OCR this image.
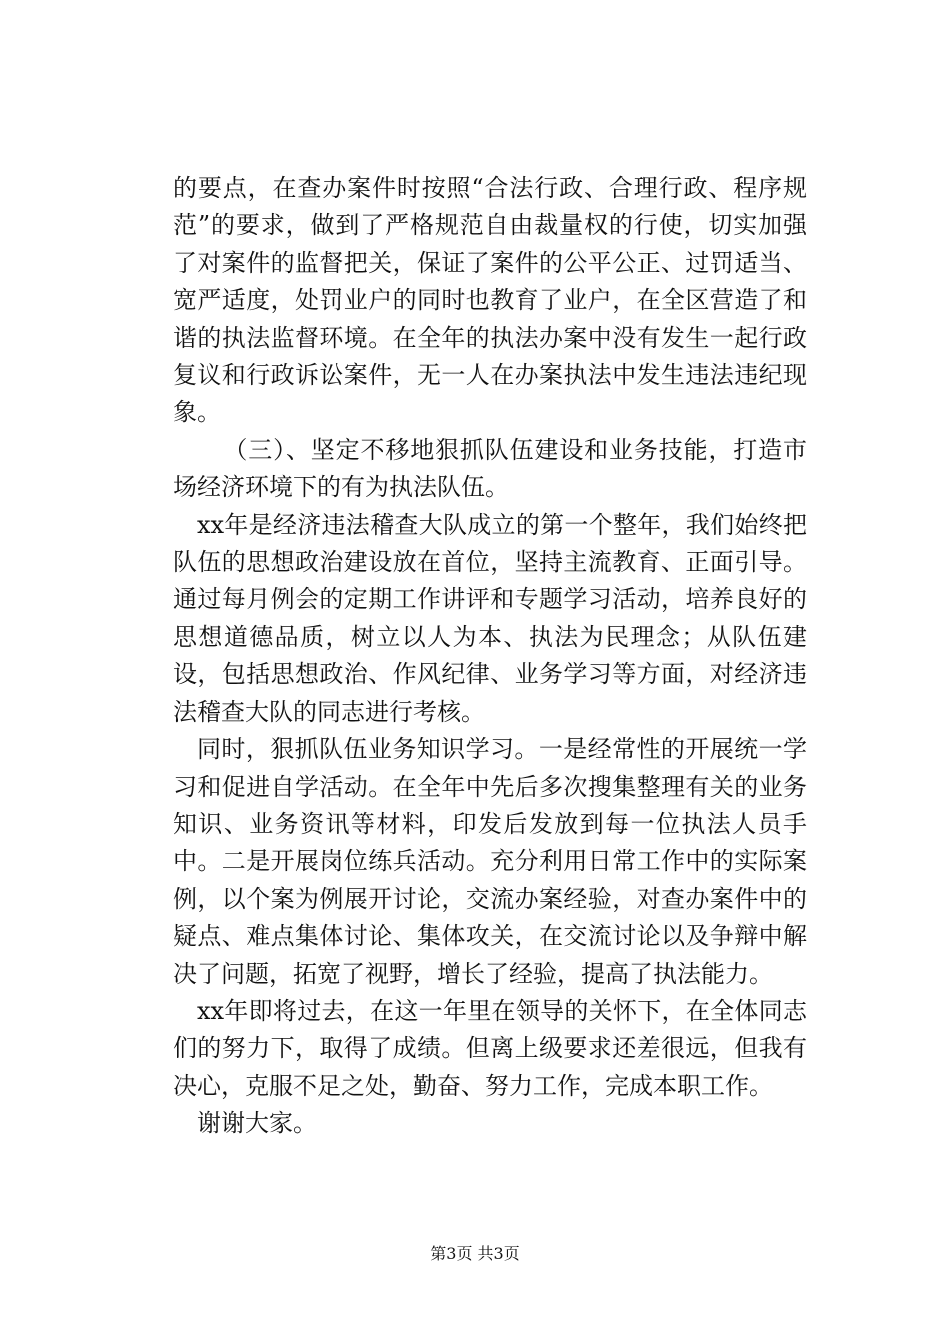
的要点，在查办案件时按照“合法行政、合理行政、程序规范”的要求，做到了严格规范自由裁量权的行使，切实加强了对案件的监督把关，保证了案件的公平公正、过罚适当、宽严适度，处罚业户的同时也教育了业户，在全区营造了和谐的执法监督环境。在全年的执法办案中没有发生一起行政复议和行政诉讼案件，无一人在办案执法中发生违法违纪现象。

（三）、坚定不移地狠抓队伍建设和业务技能，打造市场经济环境下的有为执法队伍。

xx年是经济违法稽查大队成立的第一个整年，我们始终把队伍的思想政治建设放在首位，坚持主流教育、正面引导。通过每月例会的定期工作讲评和专题学习活动，培养良好的思想道德品质，树立以人为本、执法为民理念；从队伍建设，包括思想政治、作风纪律、业务学习等方面，对经济违法稽查大队的同志进行考核。

同时，狠抓队伍业务知识学习。一是经常性的开展统一学习和促进自学活动。在全年中先后多次搜集整理有关的业务知识、业务资讯等材料，印发后发放到每一位执法人员手中。二是开展岗位练兵活动。充分利用日常工作中的实际案例，以个案为例展开讨论，交流办案经验，对查办案件中的疑点、难点集体讨论、集体攻关，在交流讨论以及争辩中解决了问题，拓宽了视野，增长了经验，提高了执法能力。

xx年即将过去，在这一年里在领导的关怀下，在全体同志们的努力下，取得了成绩。但离上级要求还差很远，但我有决心，克服不足之处，勤奋、努力工作，完成本职工作。

谢谢大家。

第3页 共3页
